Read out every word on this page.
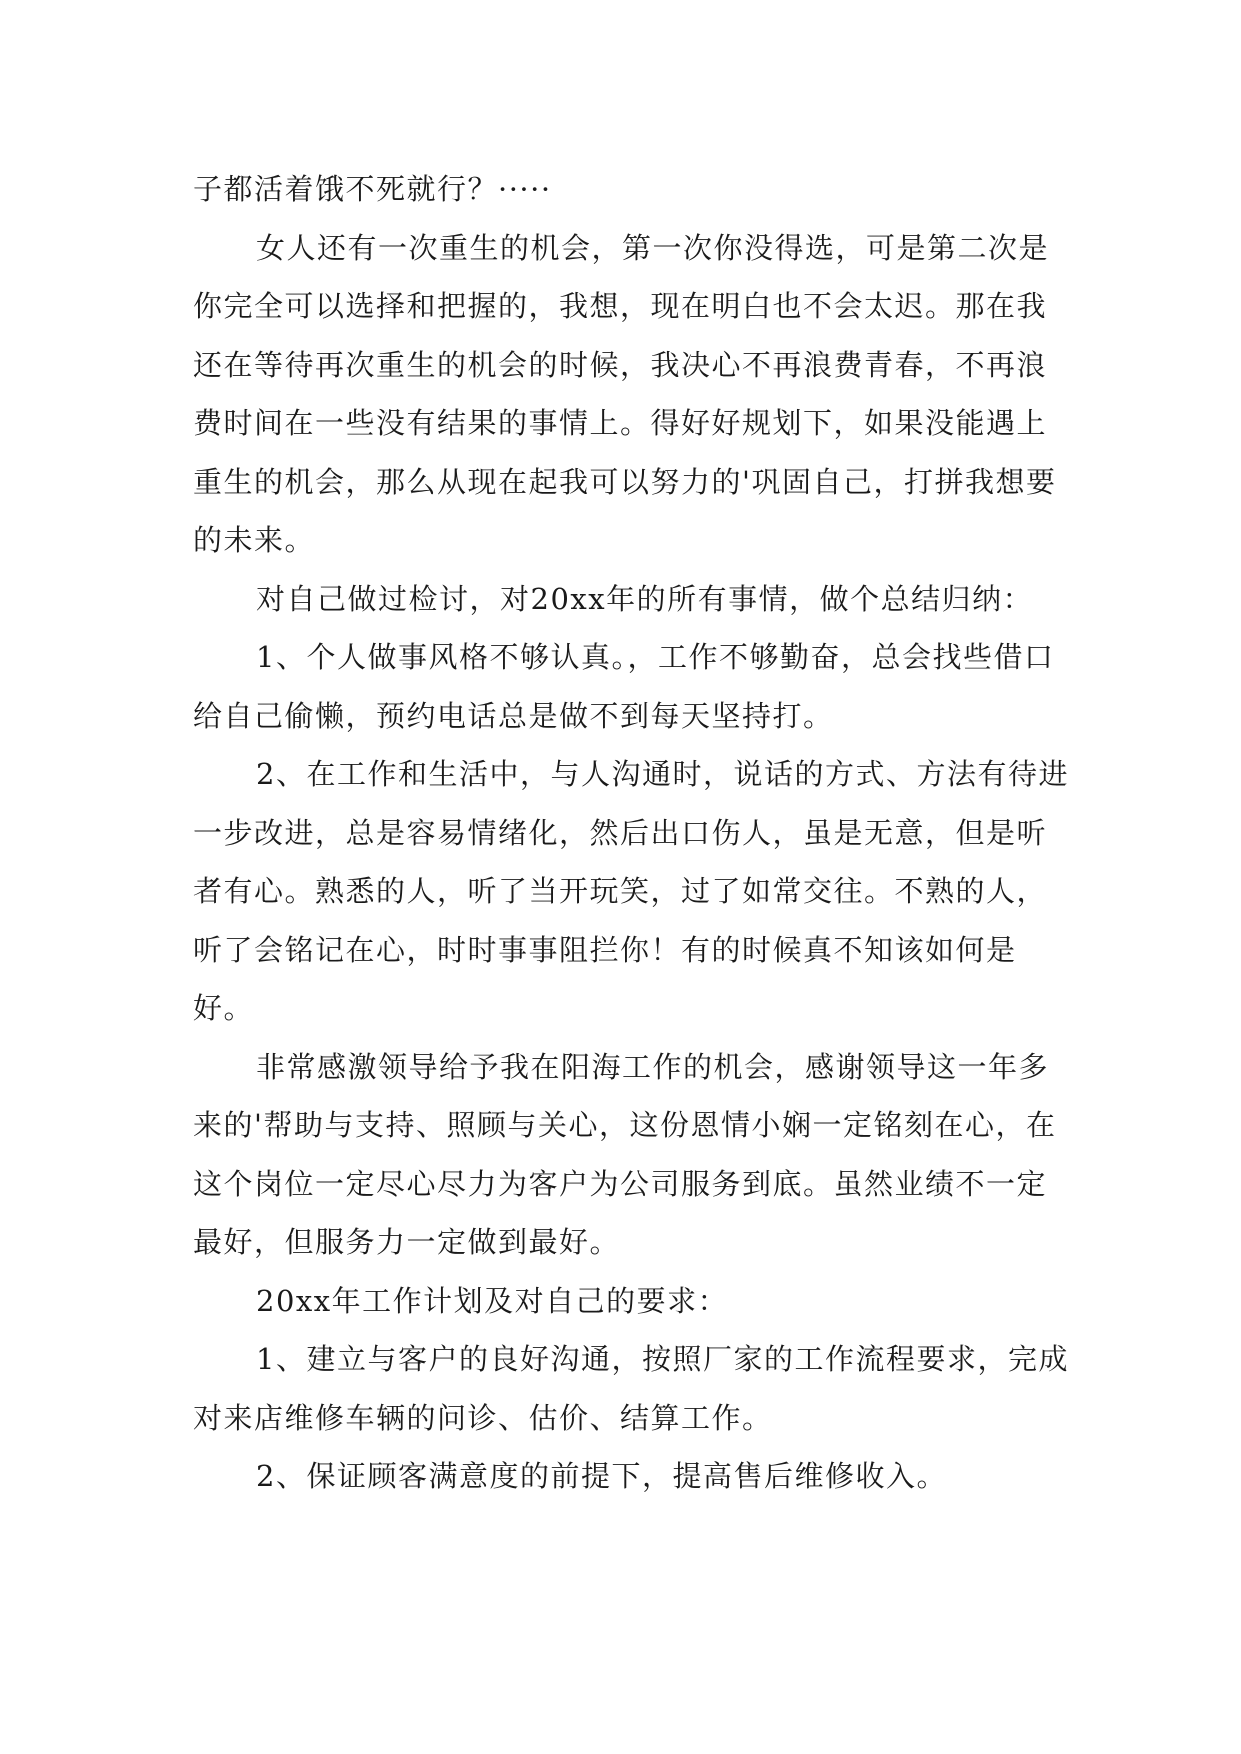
子都活着饿不死就行？·····

女人还有一次重生的机会，第一次你没得选，可是第二次是你完全可以选择和把握的，我想，现在明白也不会太迟。那在我还在等待再次重生的机会的时候，我决心不再浪费青春，不再浪费时间在一些没有结果的事情上。得好好规划下，如果没能遇上重生的机会，那么从现在起我可以努力的'巩固自己，打拼我想要的未来。

对自己做过检讨，对20xx年的所有事情，做个总结归纳：

1、个人做事风格不够认真。，工作不够勤奋，总会找些借口给自己偷懒，预约电话总是做不到每天坚持打。

2、在工作和生活中，与人沟通时，说话的方式、方法有待进一步改进，总是容易情绪化，然后出口伤人，虽是无意，但是听者有心。熟悉的人，听了当开玩笑，过了如常交往。不熟的人，听了会铭记在心，时时事事阻拦你！有的时候真不知该如何是好。

非常感激领导给予我在阳海工作的机会，感谢领导这一年多来的'帮助与支持、照顾与关心，这份恩情小娴一定铭刻在心，在这个岗位一定尽心尽力为客户为公司服务到底。虽然业绩不一定最好，但服务力一定做到最好。

20xx年工作计划及对自己的要求：

1、建立与客户的良好沟通，按照厂家的工作流程要求，完成对来店维修车辆的问诊、估价、结算工作。

2、保证顾客满意度的前提下，提高售后维修收入。
